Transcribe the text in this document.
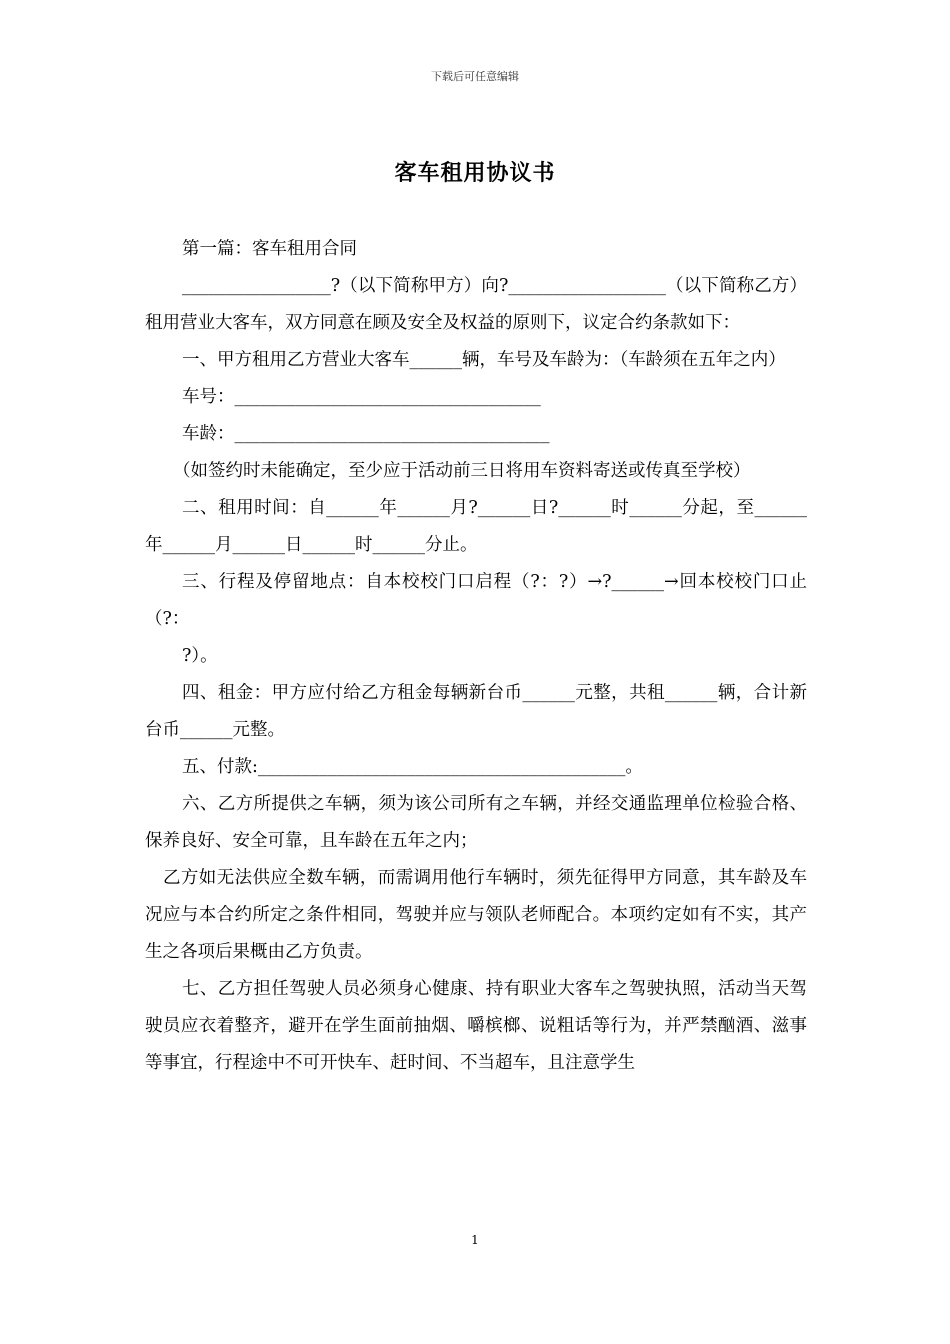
下载后可任意编辑
客车租用协议书

第一篇：客车租用合同

_________________?（以下简称甲方）向?__________________（以下简称乙方）租用营业大客车，双方同意在顾及安全及权益的原则下，议定合约条款如下：

一、甲方租用乙方营业大客车______辆，车号及车龄为：（车龄须在五年之内）

车号：___________________________________

车龄：____________________________________

（如签约时未能确定，至少应于活动前三日将用车资料寄送或传真至学校）

二、租用时间：自______年______月?______日?______时______分起，至______年______月______日______时______分止。

三、行程及停留地点：自本校校门口启程（?：?）→?______→回本校校门口止（?：

?）。

四、租金：甲方应付给乙方租金每辆新台币______元整，共租______辆，合计新台币______元整。

五、付款:__________________________________________。

六、乙方所提供之车辆，须为该公司所有之车辆，并经交通监理单位检验合格、保养良好、安全可靠，且车龄在五年之内；

乙方如无法供应全数车辆，而需调用他行车辆时，须先征得甲方同意，其车龄及车况应与本合约所定之条件相同，驾驶并应与领队老师配合。本项约定如有不实，其产生之各项后果概由乙方负责。

七、乙方担任驾驶人员必须身心健康、持有职业大客车之驾驶执照，活动当天驾驶员应衣着整齐，避开在学生面前抽烟、嚼槟榔、说粗话等行为，并严禁酗酒、滋事等事宜，行程途中不可开快车、赶时间、不当超车，且注意学生

1
